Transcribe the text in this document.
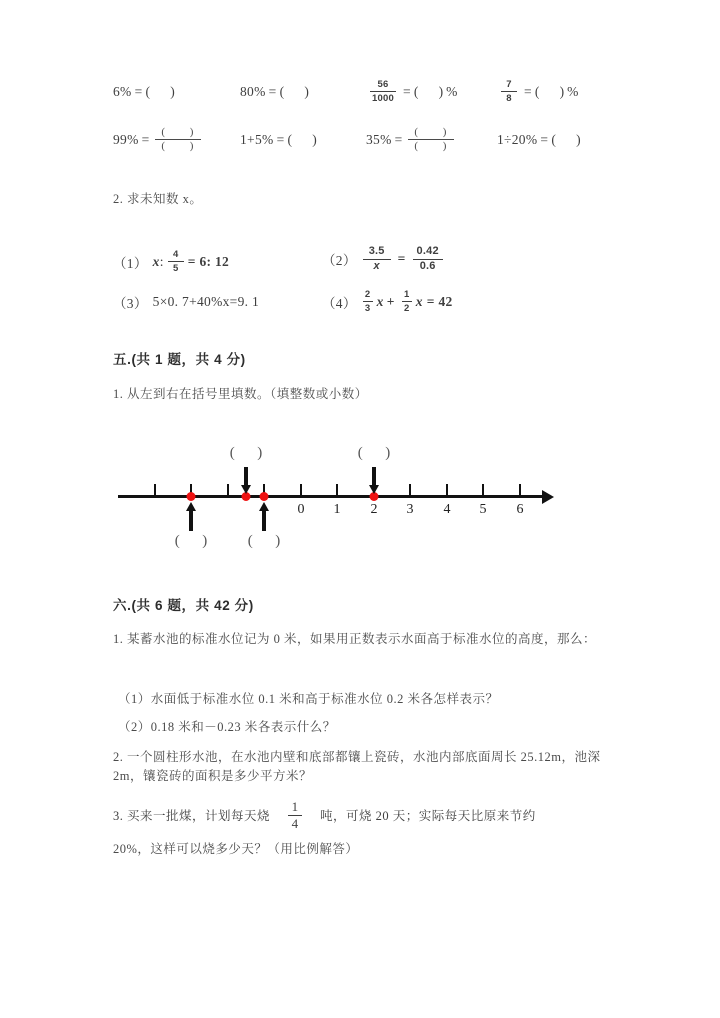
6% = (      )	80% = (      )	$\frac{56}{1000}$ = (      ) %	$\frac{7}{8}$ = (      ) %
$99\% = \frac{( )}{( )}$	1+5% = (      )	$35\% = \frac{( )}{( )}$	1÷20% = (      )
2. 求未知数 x。
（1） x : $\frac{4}{5} = 6$: 12	$(2) \frac{3.5}{x} = \frac{0.42}{0.6}$
（3） 5×0. 7+40%x=9. 1	$(4) \frac{2}{3}$ $x + \frac{1}{2}$ x = 42
五.(共 1 题，共 4 分)
1. 从左到右在括号里填数。（填整数或小数）
0 1 2 3 4 5 6
(      )	(      )
(      )	(      )
六.(共 6 题，共 42 分)
1. 某蓄水池的标准水位记为 0 米，如果用正数表示水面高于标准水位的高度，那么：
（1）水面低于标准水位 0.1 米和高于标准水位 0.2 米各怎样表示？
（2）0.18 米和－0.23 米各表示什么？
2. 一个圆柱形水池，在水池内壁和底部都镶上瓷砖，水池内部底面周长 25.12m，池深 2m，镶瓷砖的面积是多少平方米？
3. 买来一批煤，计划每天烧 $\frac{1}{4}$ 吨，可烧 20 天；实际每天比原来节约
20%，这样可以烧多少天？（用比例解答）
